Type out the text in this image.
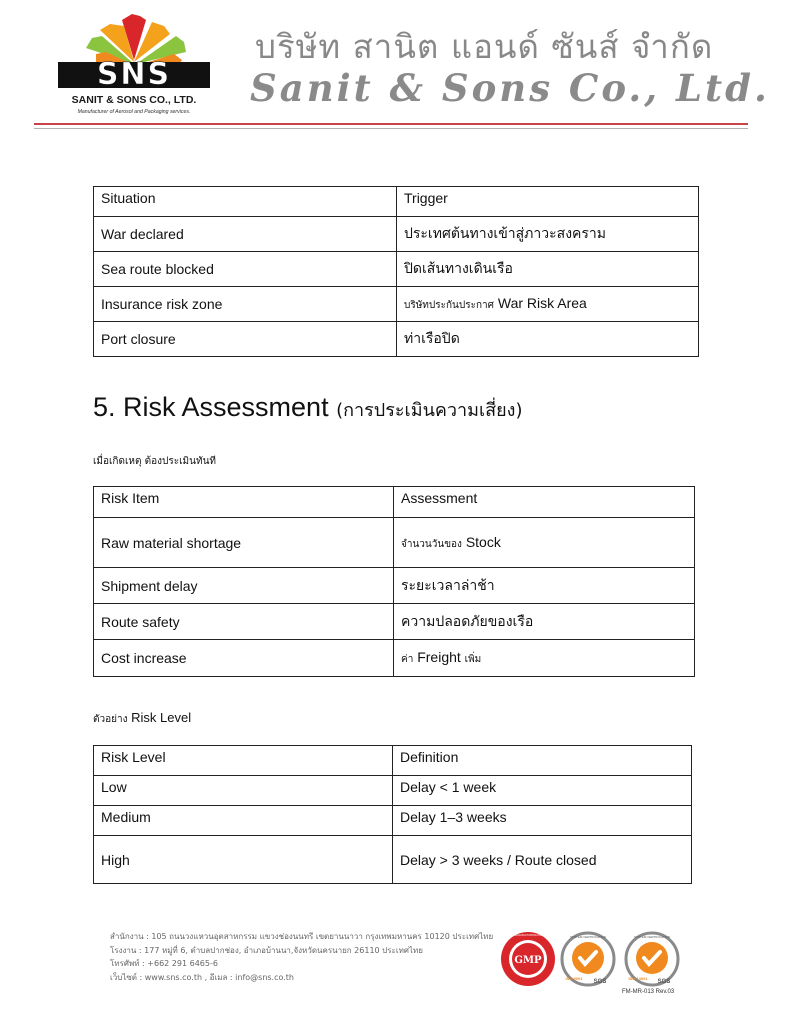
SNS
SANIT & SONS CO., LTD.
Manufacturer of Aerosol and Packaging services.
บริษัท สานิต แอนด์ ซันส์ จำกัด
Sanit & Sons Co., Ltd.
Situation	Trigger
War declared	ประเทศต้นทางเข้าสู่ภาวะสงคราม
Sea route blocked	ปิดเส้นทางเดินเรือ
Insurance risk zone	บริษัทประกันประกาศ War Risk Area
Port closure	ท่าเรือปิด
5. Risk Assessment (การประเมินความเสี่ยง)
เมื่อเกิดเหตุ ต้องประเมินทันที
Risk Item	Assessment
Raw material shortage	จำนวนวันของ Stock
Shipment delay	ระยะเวลาล่าช้า
Route safety	ความปลอดภัยของเรือ
Cost increase	ค่า Freight เพิ่ม
ตัวอย่าง Risk Level
Risk Level	Definition
Low	Delay < 1 week
Medium	Delay 1–3 weeks
High	Delay > 3 weeks / Route closed
สำนักงาน : 105 ถนนวงแหวนอุตสาหกรรม แขวงช่องนนทรี เขตยานนาวา กรุงเทพมหานคร 10120 ประเทศไทย
โรงงาน : 177 หมู่ที่ 6, ตำบลปากช่อง, อำเภอบ้านนา,จังหวัดนครนายก 26110 ประเทศไทย
โทรศัพท์ : +662 291 6465-6
เว็บไซต์ : www.sns.co.th , อีเมล : info@sns.co.th
GMP
GOOD MANUFACTURING PRACTICE	SYSTEM CERTIFICATION
ISO 9001
SGS
SYSTEM CERTIFICATION
ISO 14001
SGS
FM-MR-013 Rev.03
